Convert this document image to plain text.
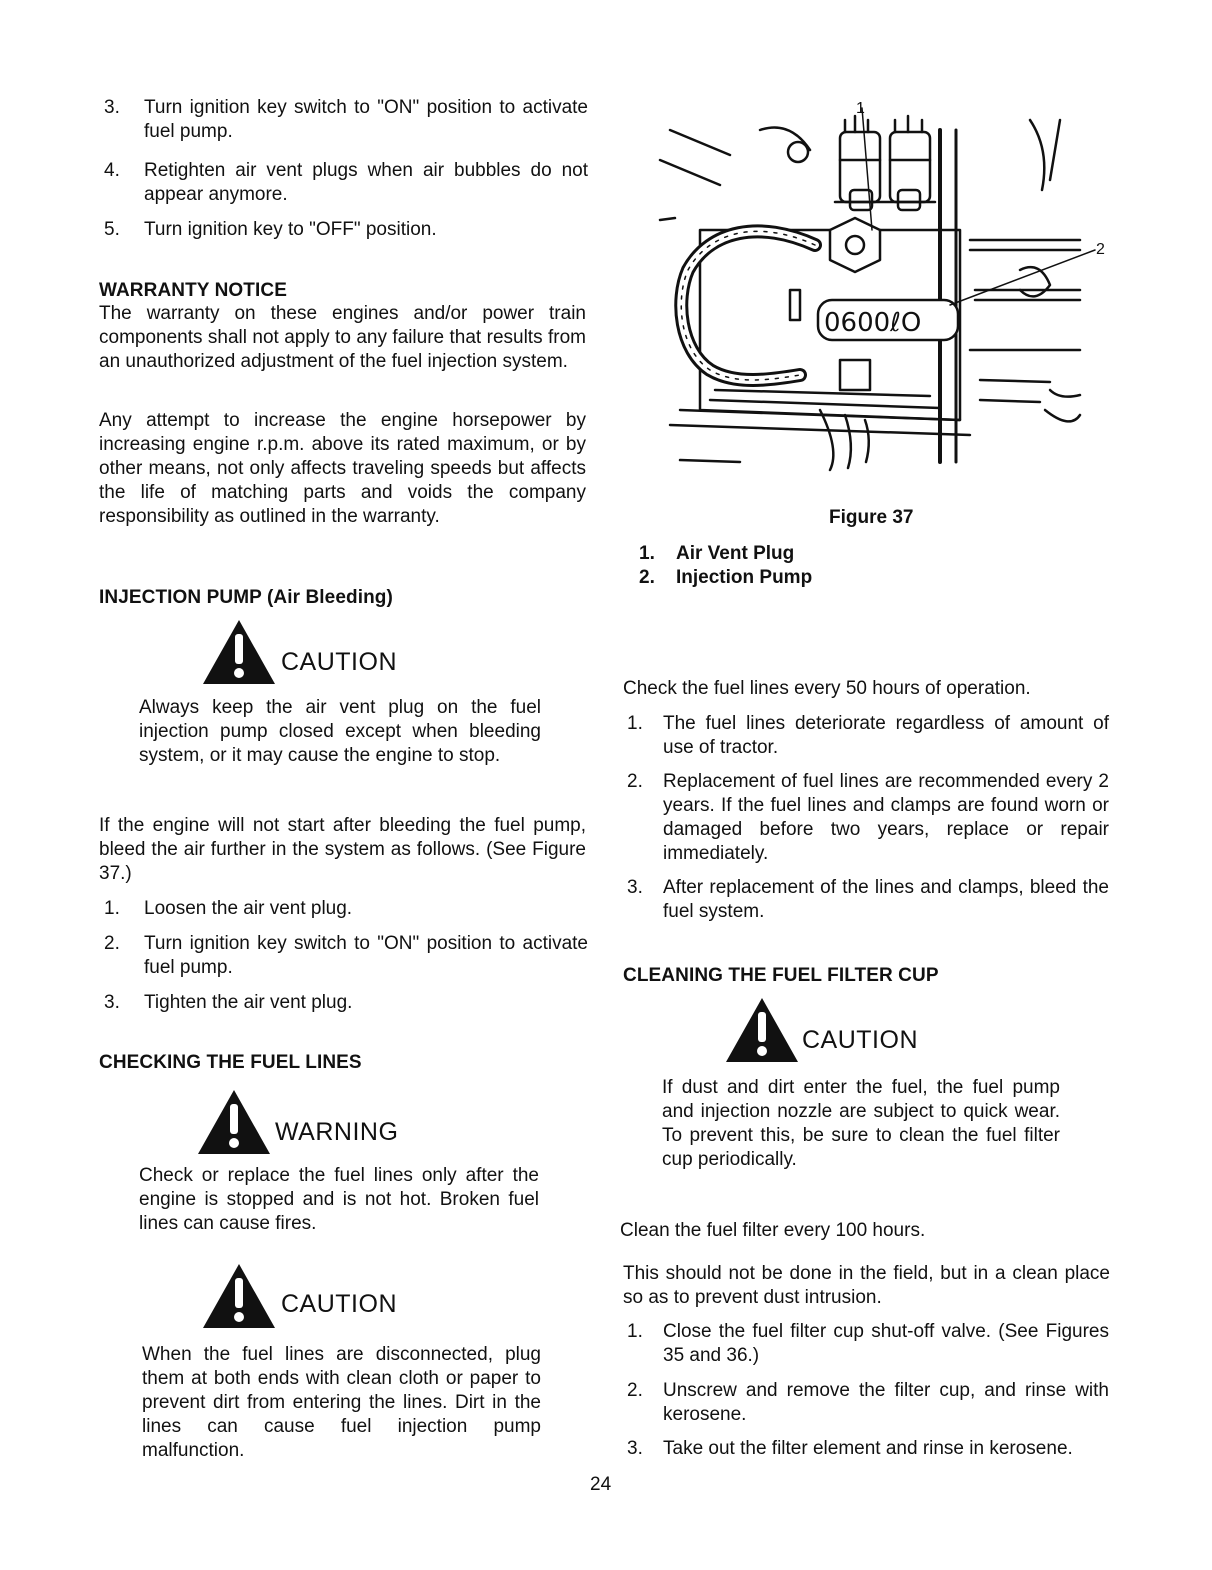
3. Turn ignition key switch to "ON" position to activate fuel pump.

4. Retighten air vent plugs when air bubbles do not appear anymore.

5. Turn ignition key to "OFF" position.

WARRANTY NOTICE

The warranty on these engines and/or power train components shall not apply to any failure that results from an unauthorized adjustment of the fuel injection system.

Any attempt to increase the engine horsepower by increasing engine r.p.m. above its rated maximum, or by other means, not only affects traveling speeds but affects the life of matching parts and voids the company responsibility as outlined in the warranty.

INJECTION PUMP (Air Bleeding)
CAUTION

Always keep the air vent plug on the fuel injection pump closed except when bleeding system, or it may cause the engine to stop.

If the engine will not start after bleeding the fuel pump, bleed the air further in the system as follows. (See Figure 37.)

1. Loosen the air vent plug.

2. Turn ignition key switch to "ON" position to activate fuel pump.

3. Tighten the air vent plug.

CHECKING THE FUEL LINES
WARNING

Check or replace the fuel lines only after the engine is stopped and is not hot. Broken fuel lines can cause fires.

CAUTION

When the fuel lines are disconnected, plug them at both ends with clean cloth or paper to prevent dirt from entering the lines. Dirt in the lines can cause fuel injection pump malfunction.

0600ℓO
1
2
Figure 37
1. Air Vent Plug
2. Injection Pump

Check the fuel lines every 50 hours of operation.

1. The fuel lines deteriorate regardless of amount of use of tractor.

2. Replacement of fuel lines are recommended every 2 years. If the fuel lines and clamps are found worn or damaged before two years, replace or repair immediately.

3. After replacement of the lines and clamps, bleed the fuel system.

CLEANING THE FUEL FILTER CUP
CAUTION

If dust and dirt enter the fuel, the fuel pump and injection nozzle are subject to quick wear. To prevent this, be sure to clean the fuel filter cup periodically.

Clean the fuel filter every 100 hours.

This should not be done in the field, but in a clean place so as to prevent dust intrusion.

1. Close the fuel filter cup shut-off valve. (See Figures 35 and 36.)

2. Unscrew and remove the filter cup, and rinse with kerosene.

3. Take out the filter element and rinse in kerosene.

24
